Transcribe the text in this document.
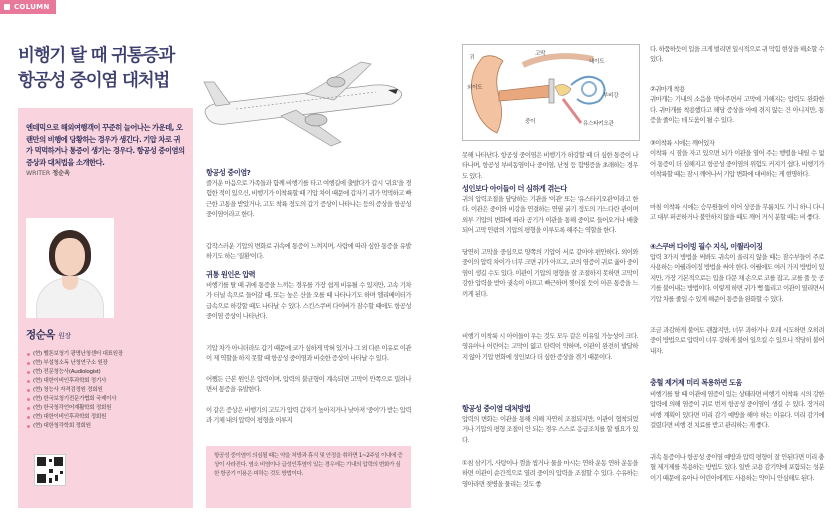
COLUMN
비행기 탈 때 귀통증과
항공성 중이염 대처법
엔데믹으로 해외여행객이 꾸준히 늘어나는 가운데, 오랜만의 비행에 당황하는 경우가 생긴다. 기압 차로 귀가 먹먹하거나 통증이 생기는 경우다. 항공성 중이염의 증상과 대처법을 소개한다.
WRITER 정순옥
정순옥 원장
(현) 벨톤보청기 광명난청센터 대표원장
(현) 부설청소독 난청연구소 원장
(현) 전문청능사(Audiologist)
(현) 대한이비인후과학회 정기사
(현) 청능사 자격검정원 정회원
(현) 한국보청기전문가협회 국제이사
(현) 한국청각언어재활학회 정회원
(현) 대한이비인후과학회 정회원
(현) 대한청각학회 정회원
항공성 중이염?
즐거운 마음으로 가족들과 함께 비행기를 타고 여행길에 출발다가 갑시 '귀요'을 경험한 적이 있으신, 비행기가 이착륙할 때 기압 차이 때문에 갑자기 귀가 먹먹하고 빠근한 고통을 받았거나, 고도 착륙 정도의 갑기 증상이 나타나는 등의 증상을 항공성 중이염이라고 한다.
갑작스러운 기압의 변화로 귀속에 통증이 느껴지며, 사람에 따라 심한 통증을 유발하기도 하는 '질환'이다.
귀통 원인은 압력
비행기를 탈 때 귀에 통증을 느끼는 경우를 가장 쉽게 비유될 수 있지만, 고속 기차가 터널 속으로 들어갈 때, 또는 높은 산을 오를 때 나타나기도 하며 엘리베이터가 급속으로 하강할 때도 나타날 수 있다. 스킨스쿠버 다이버가 잠수할 때에도 항공성 중이염 증상이 나타난다.
기압 차가 아니더라도 갑기 때문에 코가 심하게 막혀 있거나 그 외 다른 이유로 이관이 제 역할을 하지 못할 때 항공성 중이염과 비슷한 증상이 나타날 수 있다.
어쨌든 근본 원인은 압력이며, 압력의 불균형이 계속되면 고막이 안쪽으로 밀려나면서 통증을 유발한다.
이 같은 증상은 비행기의 고도가 압력 갑자기 높아지거나 낮아져 '중이'가 받는 압력과 기체 내의 압력이 평형을 이루지
항공성 중이염이 의심될 때는 약을 처방과 휴식 및 안정을 취하면 1~2주일 이내에 증상이 사라진다. 염소 비염이나 급성인후염이 있는 경우에는 기내의 압력의 변화가 심한 항공기 이용은 피하는 것도 방법이다.
귀
고막
내이도
외이도
부비강
중이	유스타키오관
못해 나타난다. 항공성 중이염은 비행기가 하강할 때 더 심한 통증이 나타나며, 항공성 부비동염이나 중이염, 난청 등 합병증을 초래하는 경우도 있다.
성인보다 아이들이 더 심하게 겪는다
귀의 압력조절을 담당하는 기관을 '이관' 또는 '유스타키오관'이라고 한다. 이관은 중이와 비강을 연결하는 연필 굵기 정도의 가느다란 관이며 외부 기압의 변화에 따라 공기가 이관을 통해 중이로 들어오거나 배출되어 고막 안팎의 기압의 평형을 이루도록 해주는 역할을 한다.
당연히 고막을 중심으로 양쪽의 기압이 서로 같아야 편안하다. 외이와 중이의 압력 차이가 너무 크면 귀가 아프고, 코의 염증이 귀로 옮아 중이염이 생길 수도 있다. 이관이 기압의 평형을 잘 조절하지 못하면 고막이 강한 압력을 받아 귓속이 아프고 빠근하며 찢어질 듯이 아픈 통증을 느끼게 된다.
비행기 이착륙 시 아이들이 우는 것도 모두 같은 이유일 가능성이 크다. 영유아나 어린이는 고막이 얇고 탄력이 약하며, 이관이 완전히 발달하지 않아 기압 변화에 성인보다 더 심한 증상을 겪기 때문이다.
항공성 중이염 대처방법
압력의 변화는 이관을 통해 의해 자연히 조절되지만, 이관이 협착되었거나 기압의 평형 조절이 안 되는 경우 스스로 응급조치를 할 필요가 있다.
①침 삼키기, 사탕이나 껌을 씹거나 물을 마시는 연하 운동 연하 운동을 하면 이관이 순간적으로 열려 중이의 압력을 조절할 수 있다. 수유하는 영아라면 젖병을 물리는 것도 좋
다. 하품하듯이 입을 크게 벌리면 일시적으로 귀 막힘 현상을 해소할 수 있다.
②귀마개 착용
귀마개는 기내의 소음을 막아주면서 고막에 가해지는 압력도 완화한다. 귀마개를 착용했다고 해당 증상을 아예 겪지 않는 건 아니지만, 통증을 줄이는 데 도움이 될 수 있다.
③이착륙 시에는 깨어있자
이착륙 시 잠을 자고 있으면 뇌가 이관을 열어 주는 행렬을 내릴 수 없어 통증이 더 심해지고 항공성 중이염의 위험도 커지기 쉽다. 비행기가 이착륙할 때는 잠시 깨어나서 기압 변화에 대비하는 게 현명하다.
마침 이착륙 시에는 승무원들이 이어 상공을 무룹치도 기니 하니 다니고 대부 퍼곧하거나 불안하지 않을 때도 깨어 거식 분할 때는 비 좋다.
④스쿠버 다이빙 필수 지식, 이퀄라이징
압력 3가지 방법을 써봐도 귀속이 울리지 않을 때는 잠수부들이 주로 사용하는 이퀄라이징 방법을 써야 한다. 이퀄에도 여러 가지 방법이 있지만, 가장 기본적으로는 입을 다문 채 손으로 코를 잡고, 코를 풀 듯 공기를 불어내는 방법이다. 이렇게 하면 귀가 뻥 뚫리고 이관이 열리면서 기압 차를 줄일 수 있게 해준어 통증을 완화할 수 있다.
조금 과감하게 불어도 괜찮지만, 너무 과하거나 오래 시도하면 오히려 중이 방법으로 압력이 너무 강하게 불어 일으킬 수 있으니 적당히 불어내자.
충혈 제거제 미리 복용하면 도움
비행기를 탈 때 이관에 염증이 있는 상태라면 비행기 이착륙 시의 강한 압력에 의해 염증이 귀로 번져 항공성 중이염이 생길 수 있다. 장거리 비행 계획이 있다면 미리 감기 예방을 해야 하는 이유다. 미리 감기에 걸렸다면 비행 전 치료를 받고 관리하는 게 좋다.
귀속 통증이나 항공성 중이염 예방과 압력 평형이 잘 안된다면 미리 충혈 제거제를 복용하는 방법도 있다. 일반 코용 감기약에 포함되는 성분이기 때문에 유아나 어린이에게도 사용하는 약이니 안심해도 된다.
